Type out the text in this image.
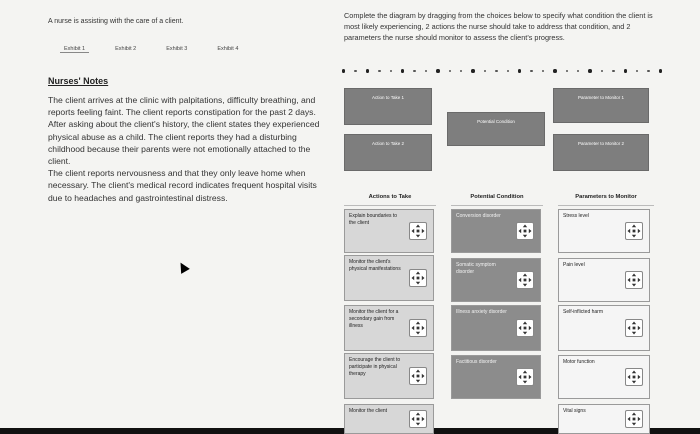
A nurse is assisting with the care of a client.
Exhibit 1	Exhibit 2	Exhibit 3	Exhibit 4
Nurses' Notes

The client arrives at the clinic with palpitations, difficulty breathing, and reports feeling faint. The client reports constipation for the past 2 days. After asking about the client's history, the client states they experienced physical abuse as a child. The client reports they had a disturbing childhood because their parents were not emotionally attached to the client.

The client reports nervousness and that they only leave home when necessary. The client's medical record indicates frequent hospital visits due to headaches and gastrointestinal distress.

Complete the diagram by dragging from the choices below to specify what condition the client is most likely experiencing, 2 actions the nurse should take to address that condition, and 2 parameters the nurse should monitor to assess the client's progress.
Action to Take 1
Action to Take 2
Potential Condition
Parameter to Monitor 1
Parameter to Monitor 2
Actions to Take	Potential Condition	Parameters to Monitor
Explain boundaries to the client
Monitor the client's physical manifestations
Monitor the client for a secondary gain from illness
Encourage the client to participate in physical therapy
Monitor the client
Conversion disorder
Somatic symptom disorder
Illness anxiety disorder
Factitious disorder
Stress level
Pain level
Self-inflicted harm
Motor function
Vital signs
